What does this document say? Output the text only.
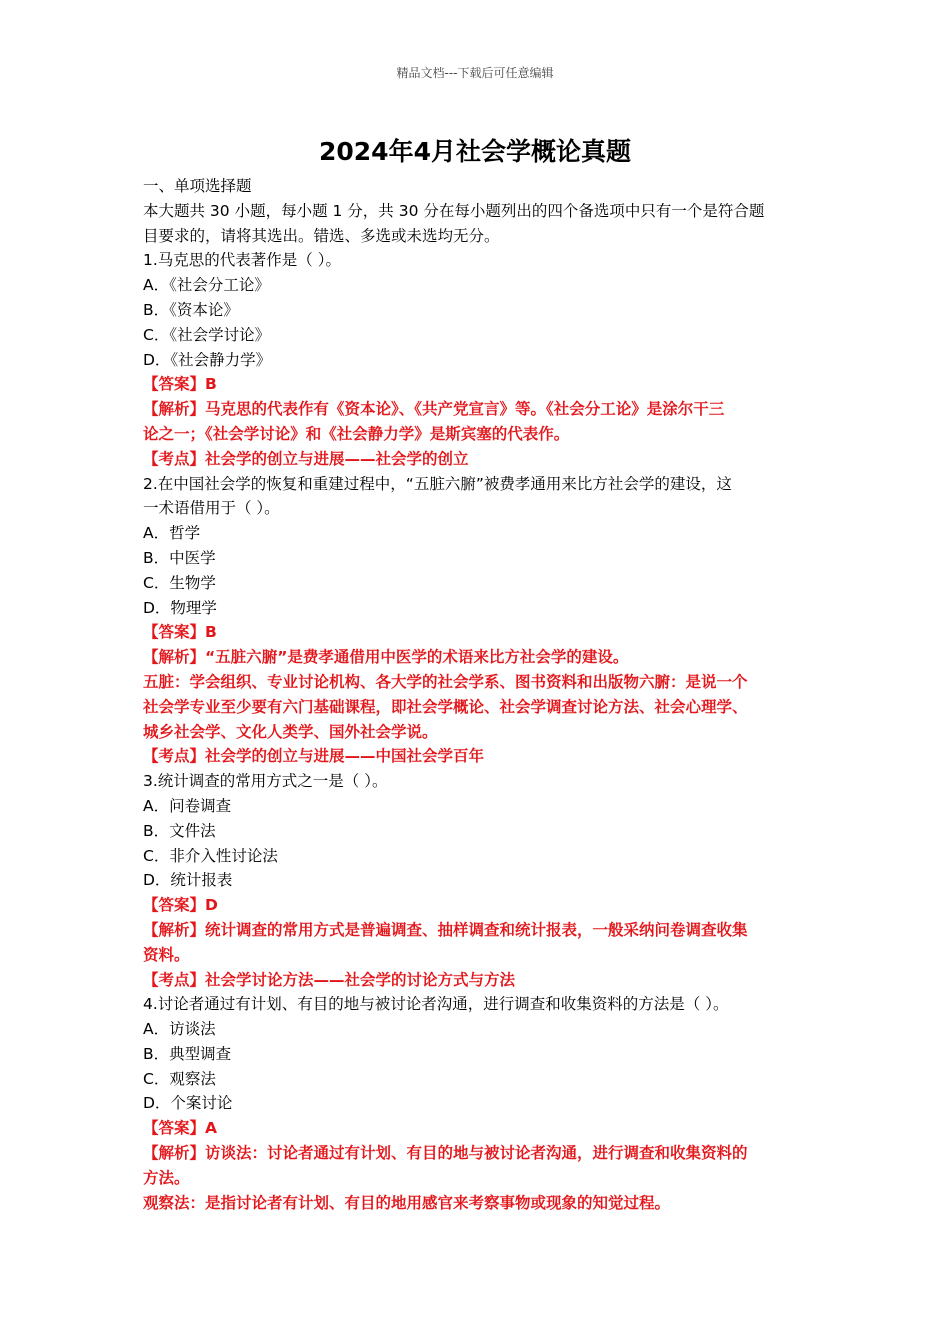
精品文档---下载后可任意编辑
2024年4月社会学概论真题
一、单项选择题
本大题共 30 小题，每小题 1 分，共 30 分在每小题列出的四个备选项中只有一个是符合题
目要求的，请将其选出。错选、多选或未选均无分。
1.马克思的代表著作是（ ）。
A．《社会分工论》
B．《资本论》
C．《社会学讨论》
D．《社会静力学》
【答案】B
【解析】马克思的代表作有《资本论》、《共产党宣言》等。《社会分工论》是涂尔干三
论之一；《社会学讨论》和《社会静力学》是斯宾塞的代表作。
【考点】社会学的创立与进展——社会学的创立
2.在中国社会学的恢复和重建过程中，“五脏六腑”被费孝通用来比方社会学的建设，这
一术语借用于（ ）。
A．哲学
B．中医学
C．生物学
D．物理学
【答案】B
【解析】“五脏六腑”是费孝通借用中医学的术语来比方社会学的建设。
五脏：学会组织、专业讨论机构、各大学的社会学系、图书资料和出版物六腑：是说一个
社会学专业至少要有六门基础课程，即社会学概论、社会学调查讨论方法、社会心理学、
城乡社会学、文化人类学、国外社会学说。
【考点】社会学的创立与进展——中国社会学百年
3.统计调查的常用方式之一是（ ）。
A．问卷调查
B．文件法
C．非介入性讨论法
D．统计报表
【答案】D
【解析】统计调查的常用方式是普遍调查、抽样调查和统计报表，一般采纳问卷调查收集
资料。
【考点】社会学讨论方法——社会学的讨论方式与方法
4.讨论者通过有计划、有目的地与被讨论者沟通，进行调查和收集资料的方法是（ ）。
A．访谈法
B．典型调查
C．观察法
D．个案讨论
【答案】A
【解析】访谈法：讨论者通过有计划、有目的地与被讨论者沟通，进行调查和收集资料的
方法。
观察法：是指讨论者有计划、有目的地用感官来考察事物或现象的知觉过程。
